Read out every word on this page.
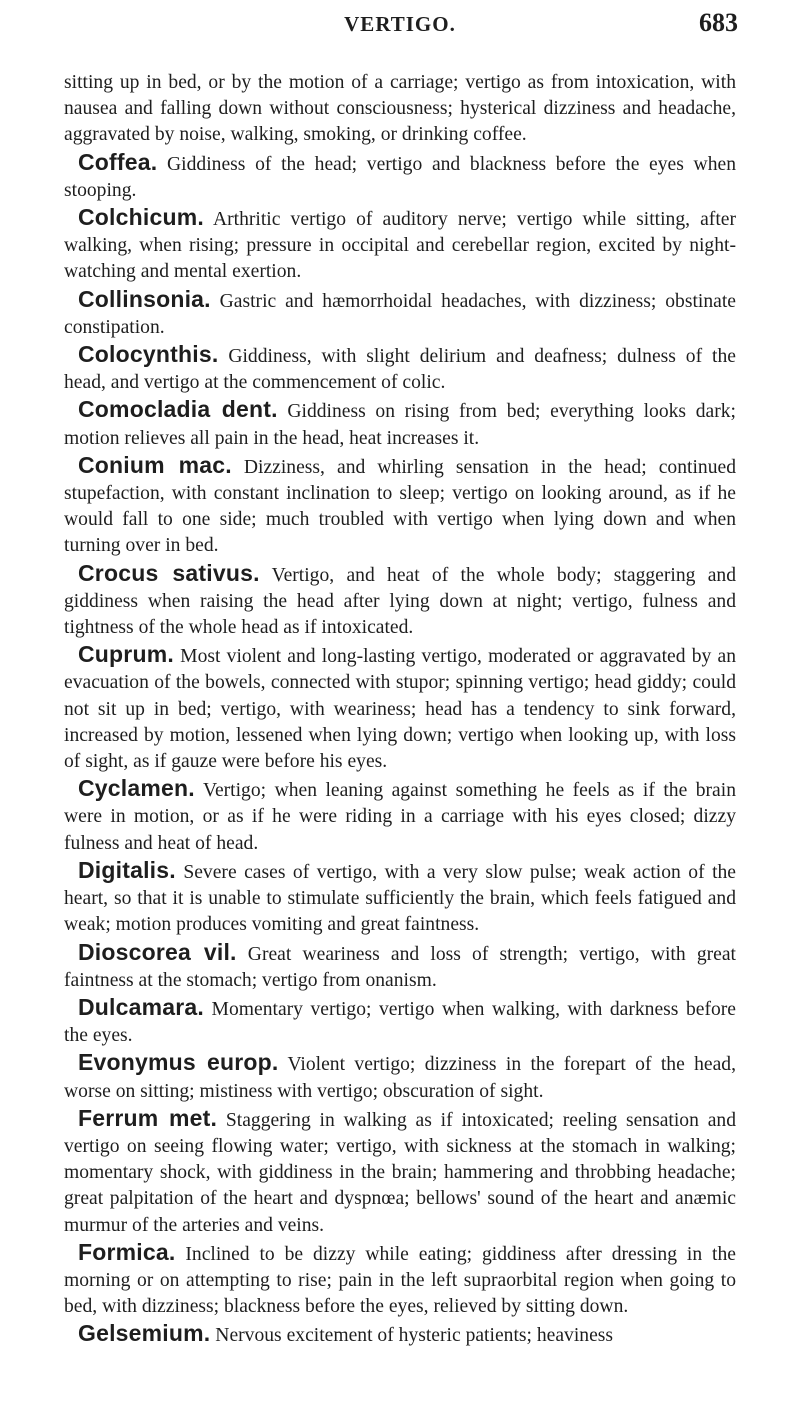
VERTIGO.	683

sitting up in bed, or by the motion of a carriage; vertigo as from intoxication, with nausea and falling down without consciousness; hysterical dizziness and headache, aggravated by noise, walking, smoking, or drinking coffee.

Coffea. Giddiness of the head; vertigo and blackness before the eyes when stooping.

Colchicum. Arthritic vertigo of auditory nerve; vertigo while sitting, after walking, when rising; pressure in occipital and cerebellar region, excited by night-watching and mental exertion.

Collinsonia. Gastric and hæmorrhoidal headaches, with dizziness; obstinate constipation.

Colocynthis. Giddiness, with slight delirium and deafness; dulness of the head, and vertigo at the commencement of colic.

Comocladia dent. Giddiness on rising from bed; everything looks dark; motion relieves all pain in the head, heat increases it.

Conium mac. Dizziness, and whirling sensation in the head; continued stupefaction, with constant inclination to sleep; vertigo on looking around, as if he would fall to one side; much troubled with vertigo when lying down and when turning over in bed.

Crocus sativus. Vertigo, and heat of the whole body; staggering and giddiness when raising the head after lying down at night; vertigo, fulness and tightness of the whole head as if intoxicated.

Cuprum. Most violent and long-lasting vertigo, moderated or aggravated by an evacuation of the bowels, connected with stupor; spinning vertigo; head giddy; could not sit up in bed; vertigo, with weariness; head has a tendency to sink forward, increased by motion, lessened when lying down; vertigo when looking up, with loss of sight, as if gauze were before his eyes.

Cyclamen. Vertigo; when leaning against something he feels as if the brain were in motion, or as if he were riding in a carriage with his eyes closed; dizzy fulness and heat of head.

Digitalis. Severe cases of vertigo, with a very slow pulse; weak action of the heart, so that it is unable to stimulate sufficiently the brain, which feels fatigued and weak; motion produces vomiting and great faintness.

Dioscorea vil. Great weariness and loss of strength; vertigo, with great faintness at the stomach; vertigo from onanism.

Dulcamara. Momentary vertigo; vertigo when walking, with darkness before the eyes.

Evonymus europ. Violent vertigo; dizziness in the forepart of the head, worse on sitting; mistiness with vertigo; obscuration of sight.

Ferrum met. Staggering in walking as if intoxicated; reeling sensation and vertigo on seeing flowing water; vertigo, with sickness at the stomach in walking; momentary shock, with giddiness in the brain; hammering and throbbing headache; great palpitation of the heart and dyspnœa; bellows' sound of the heart and anæmic murmur of the arteries and veins.

Formica. Inclined to be dizzy while eating; giddiness after dressing in the morning or on attempting to rise; pain in the left supraorbital region when going to bed, with dizziness; blackness before the eyes, relieved by sitting down.

Gelsemium. Nervous excitement of hysteric patients; heaviness
